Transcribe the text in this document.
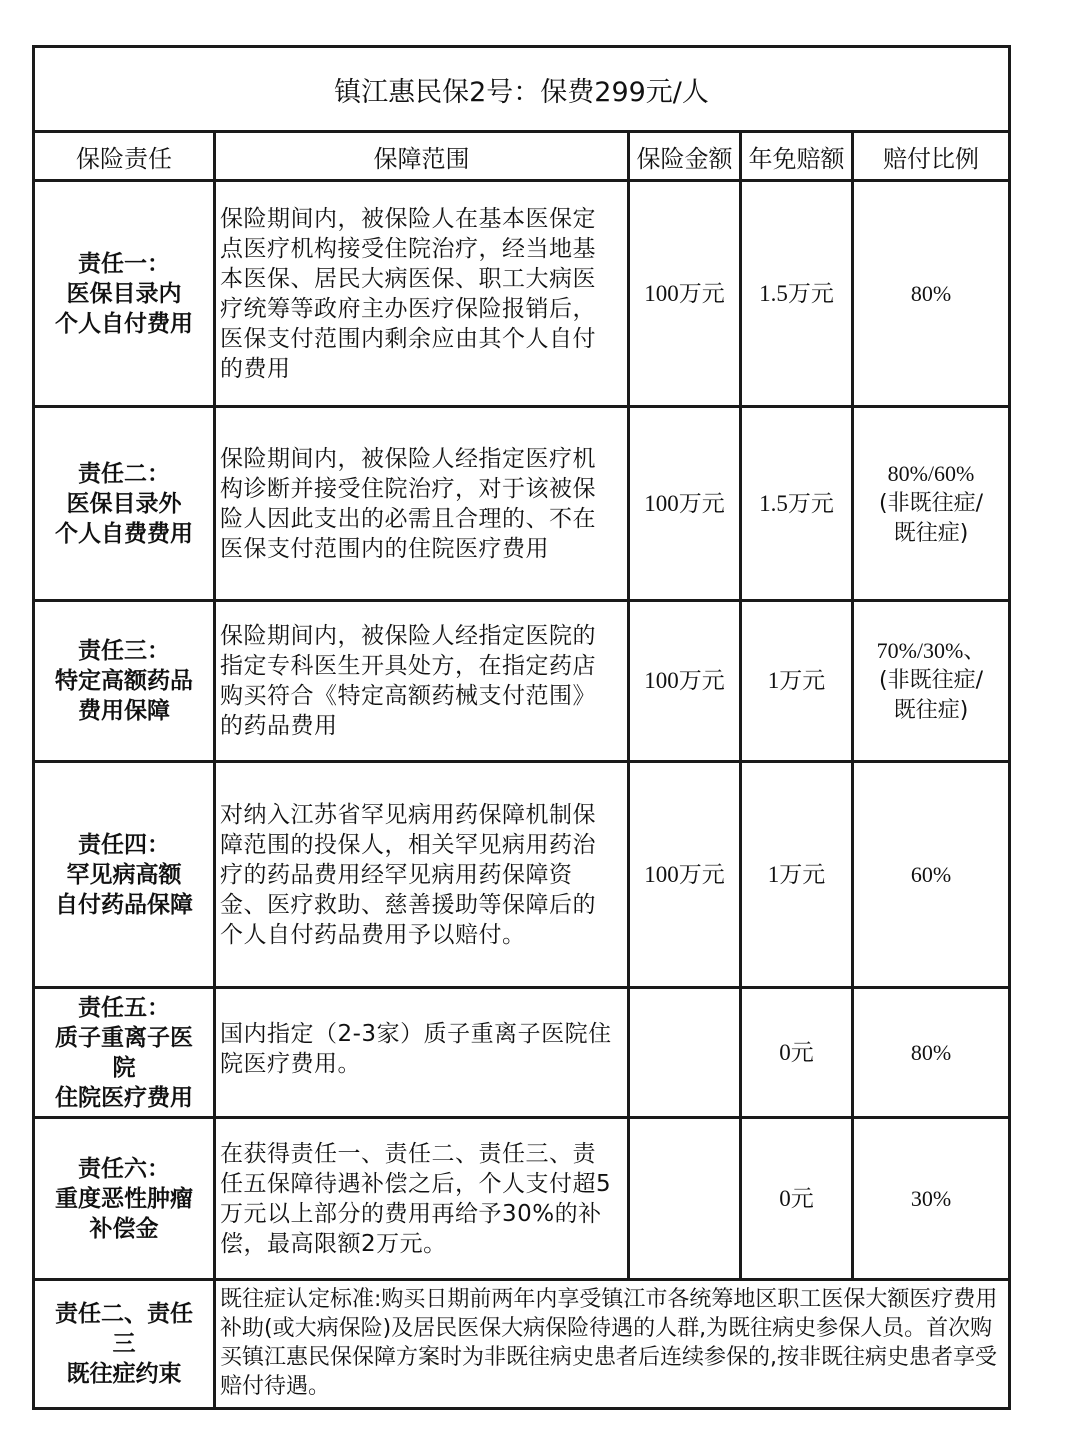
镇江惠民保2号：保费299元/人				
保险责任	保障范围	保险金额	年免赔额	赔付比例

责任一：
医保目录内
个人自付费用	保险期间内，被保险人在基本医保定点医疗机构接受住院治疗，经当地基本医保、居民大病医保、职工大病医疗统筹等政府主办医疗保险报销后，医保支付范围内剩余应由其个人自付的费用	100万元	1.5万元	80%

责任二：
医保目录外
个人自费费用	保险期间内，被保险人经指定医疗机构诊断并接受住院治疗，对于该被保险人因此支出的必需且合理的、不在医保支付范围内的住院医疗费用	100万元	1.5万元	80%/60%
(非既往症/
既往症)

责任三：
特定高额药品
费用保障	保险期间内，被保险人经指定医院的指定专科医生开具处方，在指定药店购买符合《特定高额药械支付范围》的药品费用	100万元	1万元	70%/30%、
(非既往症/
既往症)

责任四：
罕见病高额
自付药品保障	对纳入江苏省罕见病用药保障机制保障范围的投保人，相关罕见病用药治疗的药品费用经罕见病用药保障资金、医疗救助、慈善援助等保障后的个人自付药品费用予以赔付。	100万元	1万元	60%

责任五：
质子重离子医
院
住院医疗费用	国内指定（2-3家）质子重离子医院住院医疗费用。		0元	80%

责任六：
重度恶性肿瘤
补偿金	在获得责任一、责任二、责任三、责任五保障待遇补偿之后，个人支付超5万元以上部分的费用再给予30%的补偿，最高限额2万元。		0元	30%

责任二、责任
三
既往症约束	既往症认定标准:购买日期前两年内享受镇江市各统筹地区职工医保大额医疗费用补助(或大病保险)及居民医保大病保险待遇的人群,为既往病史参保人员。首次购买镇江惠民保保障方案时为非既往病史患者后连续参保的,按非既往病史患者享受赔付待遇。			
